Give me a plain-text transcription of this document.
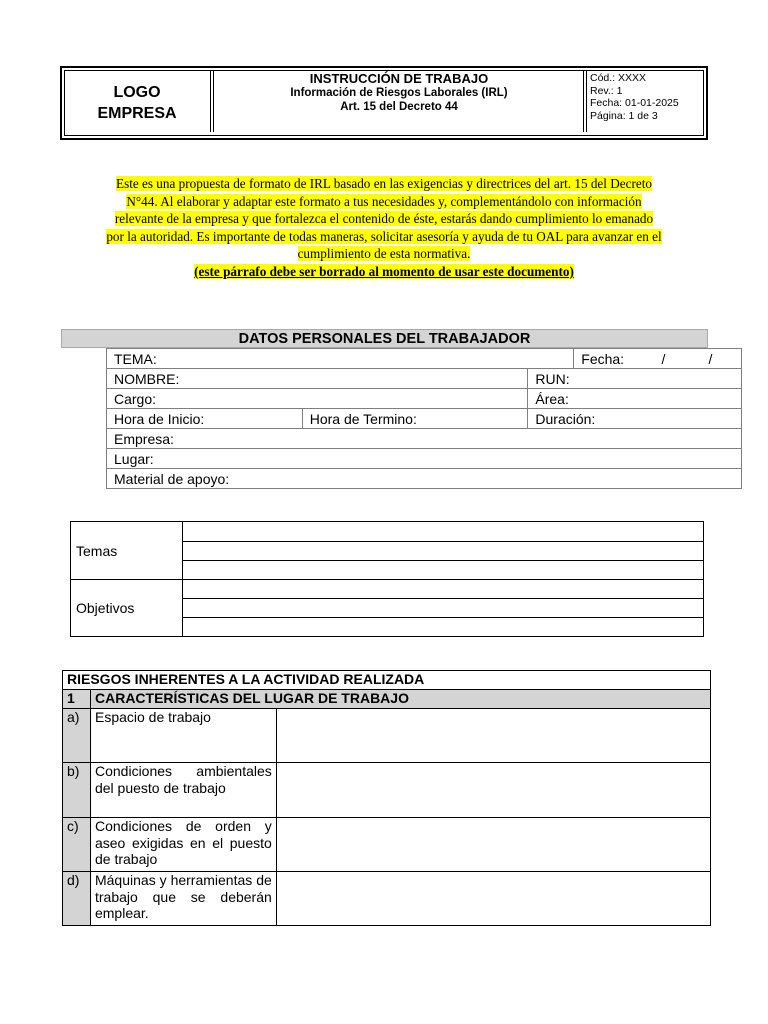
LOGO
EMPRESA
INSTRUCCIÓN DE TRABAJO
Información de Riesgos Laborales (IRL)
Art. 15 del Decreto 44
Cód.: XXXX
Rev.: 1
Fecha: 01-01-2025
Página: 1 de 3
Este es una propuesta de formato de IRL basado en las exigencias y directrices del art. 15 del Decreto N°44. Al elaborar y adaptar este formato a tus necesidades y, complementándolo con información relevante de la empresa y que fortalezca el contenido de éste, estarás dando cumplimiento lo emanado por la autoridad. Es importante de todas maneras, solicitar asesoría y ayuda de tu OAL para avanzar en el cumplimiento de esta normativa.
(este párrafo debe ser borrado al momento de usar este documento)
DATOS PERSONALES DEL TRABAJADOR
TEMA:			Fecha: / /

NOMBRE:		RUN:	
Cargo:		Área:	
Hora de Inicio:	Hora de Termino:	Duración:	
Empresa:			
Lugar:			
Material de apoyo:			
Temas	

Objetivos	

RIESGOS INHERENTES A LA ACTIVIDAD REALIZADA		
1	CARACTERÍSTICAS DEL LUGAR DE TRABAJO	
a)	Espacio de trabajo	
b)	Condiciones ambientales del puesto de trabajo	
c)	Condiciones de orden y aseo exigidas en el puesto de trabajo	
d)	Máquinas y herramientas de trabajo que se deberán emplear.	
